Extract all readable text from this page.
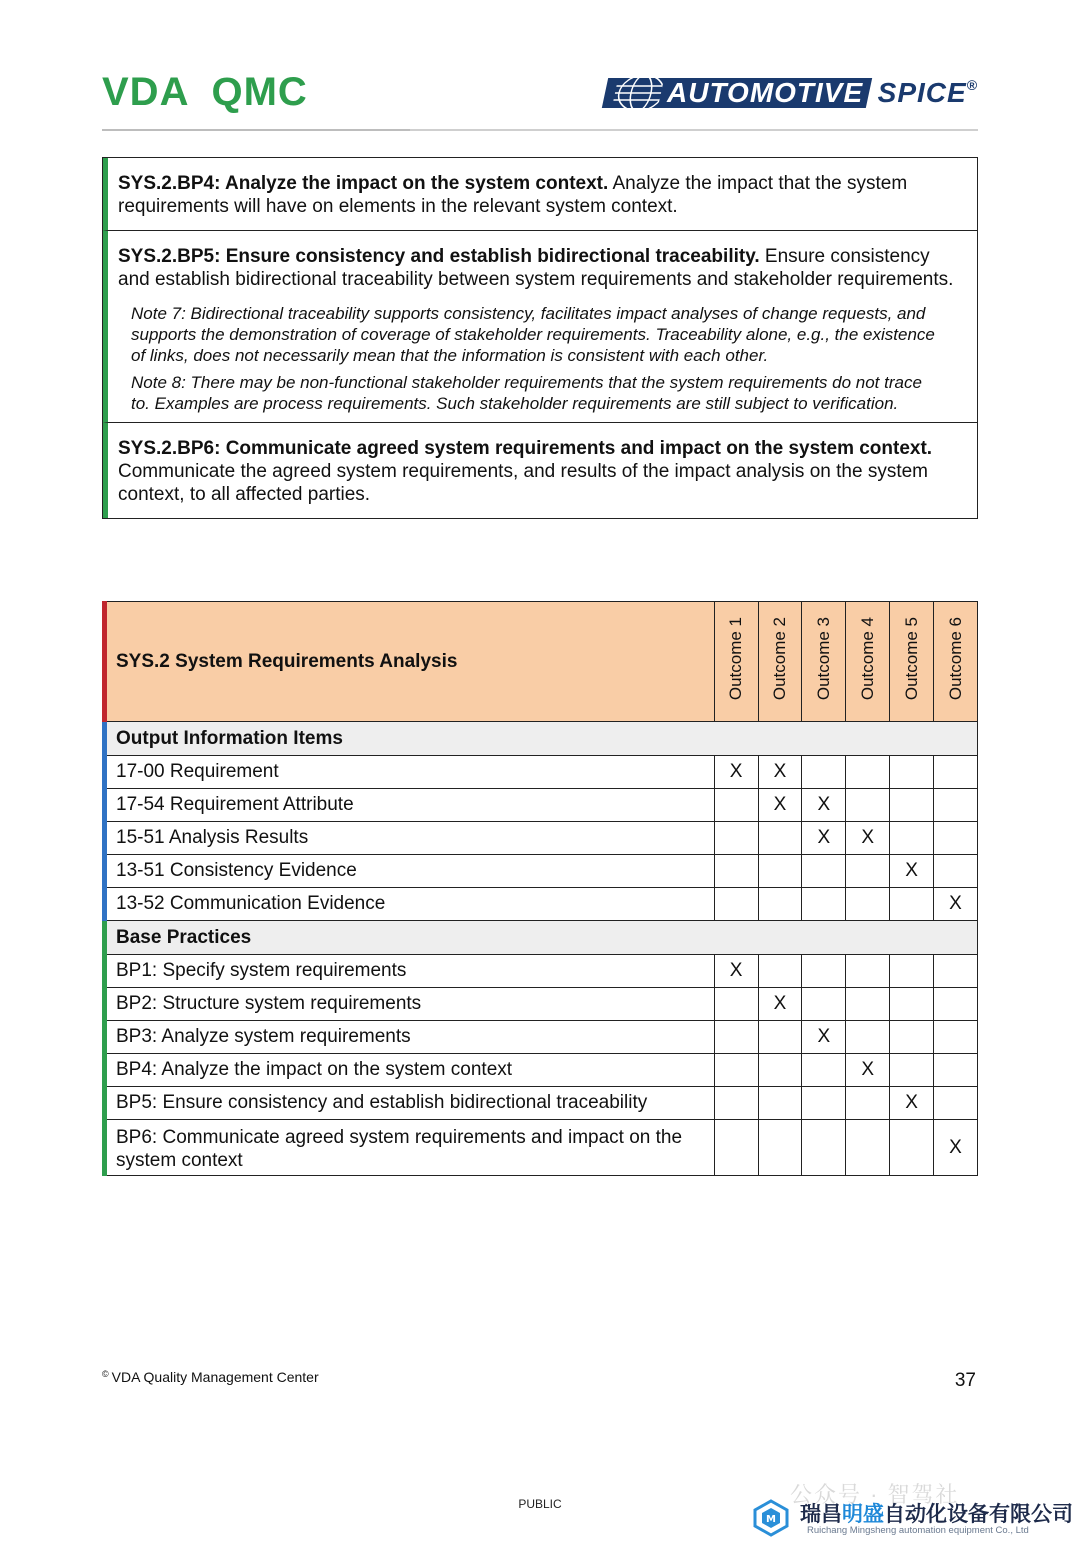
VDA QMC	AUTOMOTIVE SPICE®
SYS.2.BP4: Analyze the impact on the system context. Analyze the impact that the system requirements will have on elements in the relevant system context.
SYS.2.BP5: Ensure consistency and establish bidirectional traceability. Ensure consistency and establish bidirectional traceability between system requirements and stakeholder requirements.
Note 7: Bidirectional traceability supports consistency, facilitates impact analyses of change requests, and supports the demonstration of coverage of stakeholder requirements. Traceability alone, e.g., the existence of links, does not necessarily mean that the information is consistent with each other.
Note 8: There may be non-functional stakeholder requirements that the system requirements do not trace to. Examples are process requirements. Such stakeholder requirements are still subject to verification.
SYS.2.BP6: Communicate agreed system requirements and impact on the system context. Communicate the agreed system requirements, and results of the impact analysis on the system context, to all affected parties.
SYS.2 System Requirements Analysis	Outcome 1	Outcome 2	Outcome 3	Outcome 4	Outcome 5	Outcome 6
Output Information Items						
17-00 Requirement	X	X				
17-54 Requirement Attribute		X	X			
15-51 Analysis Results			X	X		
13-51 Consistency Evidence					X	
13-52 Communication Evidence						X
Base Practices						
BP1: Specify system requirements	X					
BP2: Structure system requirements		X				
BP3: Analyze system requirements			X			
BP4: Analyze the impact on the system context				X		
BP5: Ensure consistency and establish bidirectional traceability					X	
BP6: Communicate agreed system requirements and impact on the system context						X
© VDA Quality Management Center	37
PUBLIC	公众号 · 智驾社
M 瑞昌明盛自动化设备有限公司
Ruichang Mingsheng automation equipment Co., Ltd
